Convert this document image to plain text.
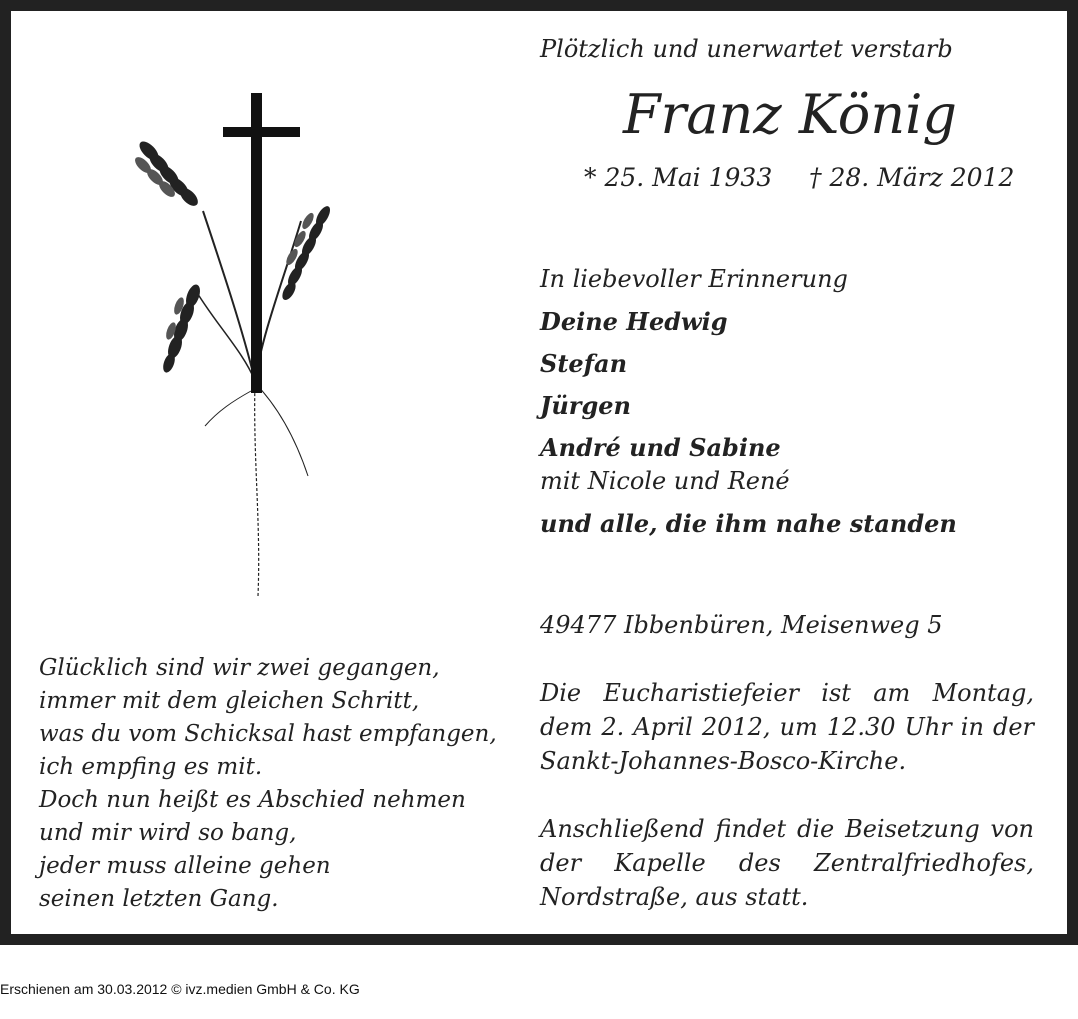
Plötzlich und unerwartet verstarb
Franz König
* 25. Mai 1933 † 28. März 2012
In liebevoller Erinnerung
Deine Hedwig
Stefan
Jürgen
André und Sabine
mit Nicole und René
und alle, die ihm nahe standen
49477 Ibbenbüren, Meisenweg 5
Die Eucharistiefeier ist am Montag, dem 2. April 2012, um 12.30 Uhr in der Sankt-Johannes-Bosco-Kirche.
Anschließend findet die Beisetzung von der Kapelle des Zentralfriedhofes, Nordstraße, aus statt.
Glücklich sind wir zwei gegangen,
immer mit dem gleichen Schritt,
was du vom Schicksal hast empfangen,
ich empfing es mit.
Doch nun heißt es Abschied nehmen
und mir wird so bang,
jeder muss alleine gehen
seinen letzten Gang.
Erschienen am 30.03.2012 © ivz.medien GmbH & Co. KG
